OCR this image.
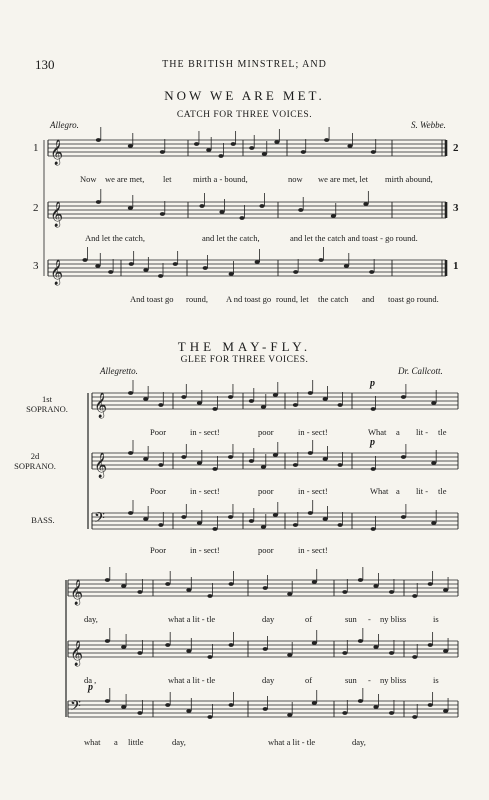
130	THE BRITISH MINSTREL; AND
NOW WE ARE MET.
CATCH FOR THREE VOICES.
Allegro.	S. Webbe.
𝄞
𝄞
𝄞
𝄞
𝄞
𝄢
𝄞
𝄞
𝄢
1	2
2	3
3	1
Now we are met, let	mirth a - bound,	now we are met, let mirth abound,
And let the catch,	and let the catch,	and let the catch and toast - go round.
And toast go round, A nd toast go round, let the catch and toast go round.
THE MAY-FLY.
GLEE FOR THREE VOICES.
Allegretto.	Dr. Callcott.
1st
SOPRANO.
2d
SOPRANO.
BASS.
p
p
Poor	in - sect!	poor	in - sect!	What a lit - tle
Poor	in - sect!	poor	in - sect!	What a lit - tle
Poor	in - sect!	poor	in - sect!
day,	what a lit - tle	day	of	sun - ny bliss	is
da ,	what a lit - tle	day	of	sun - ny bliss	is
p
what a little	day,	what a lit - tle	day,
